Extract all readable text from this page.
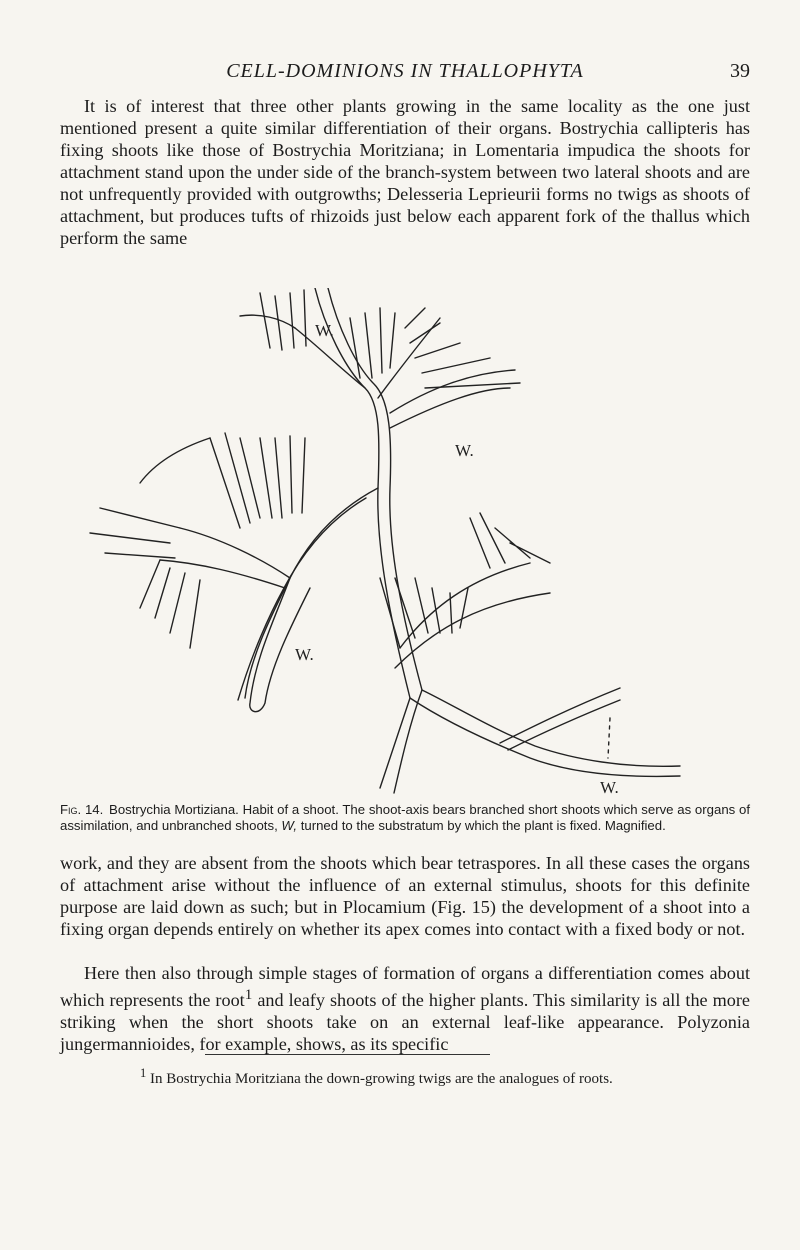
CELL-DOMINIONS IN THALLOPHYTA	39

It is of interest that three other plants growing in the same locality as the one just mentioned present a quite similar differentiation of their organs. Bostrychia callipteris has fixing shoots like those of Bostrychia Moritziana; in Lomentaria impudica the shoots for attachment stand upon the under side of the branch-system between two lateral shoots and are not unfrequently provided with outgrowths; Delesseria Leprieurii forms no twigs as shoots of attachment, but produces tufts of rhizoids just below each apparent fork of the thallus which perform the same

W.
W.
W.
W.

Fig. 14. Bostrychia Mortiziana. Habit of a shoot. The shoot-axis bears branched short shoots which serve as organs of assimilation, and unbranched shoots, W, turned to the substratum by which the plant is fixed. Magnified.

work, and they are absent from the shoots which bear tetraspores. In all these cases the organs of attachment arise without the influence of an external stimulus, shoots for this definite purpose are laid down as such; but in Plocamium (Fig. 15) the development of a shoot into a fixing organ depends entirely on whether its apex comes into contact with a fixed body or not.

Here then also through simple stages of formation of organs a differentiation comes about which represents the root$^1$ and leafy shoots of the higher plants. This similarity is all the more striking when the short shoots take on an external leaf-like appearance. Polyzonia jungermannioides, for example, shows, as its specific

$^1$ In Bostrychia Moritziana the down-growing twigs are the analogues of roots.
